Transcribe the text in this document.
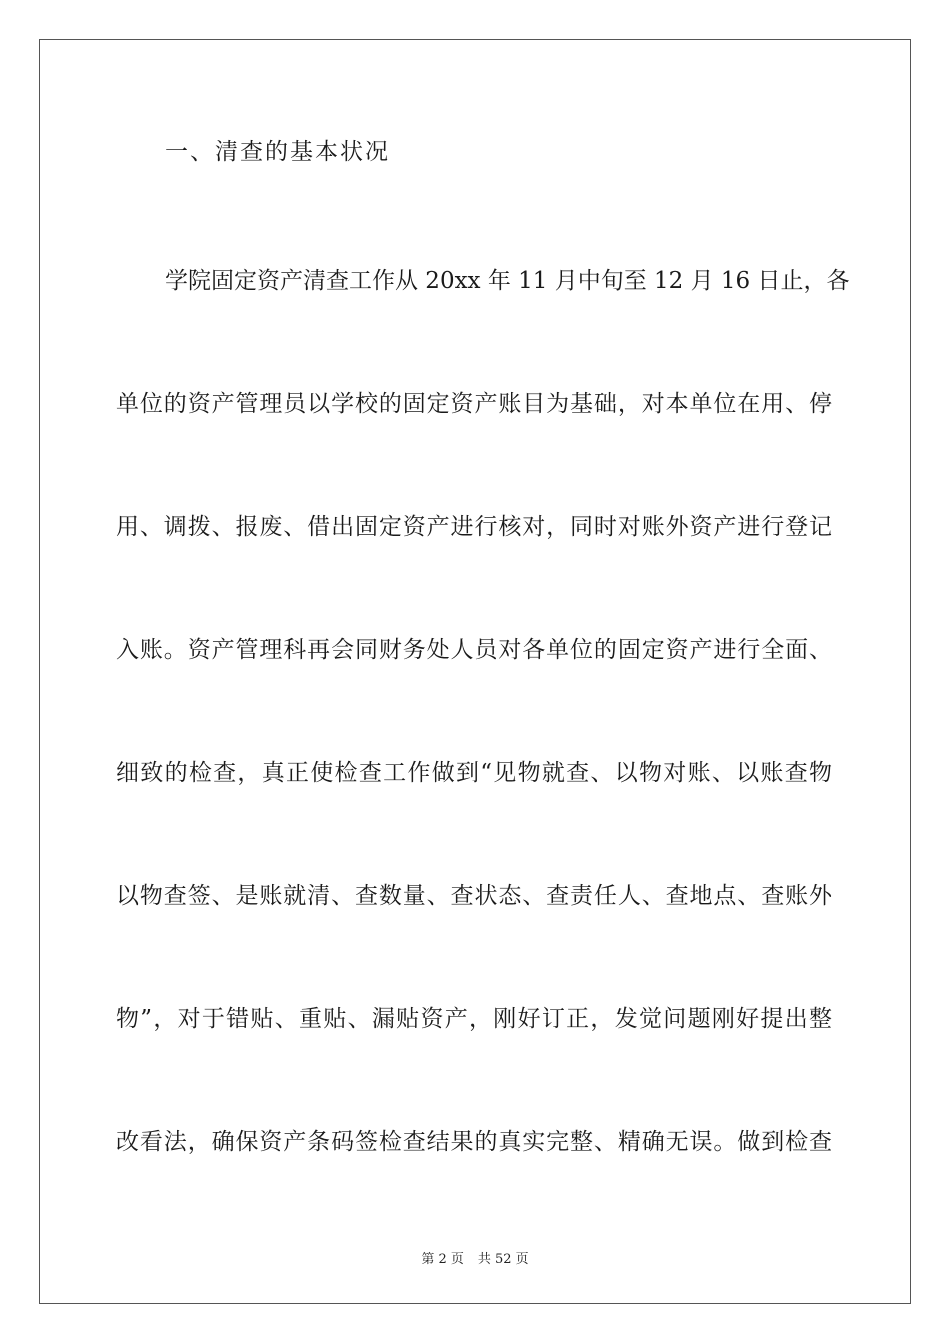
一、清查的基本状况
学院固定资产清查工作从 20xx 年 11 月中旬至 12 月 16 日止，各
单位的资产管理员以学校的固定资产账目为基础，对本单位在用、停
用、调拨、报废、借出固定资产进行核对，同时对账外资产进行登记
入账。资产管理科再会同财务处人员对各单位的固定资产进行全面、
细致的检查，真正使检查工作做到“见物就查、以物对账、以账查物
以物查签、是账就清、查数量、查状态、查责任人、查地点、查账外
物”，对于错贴、重贴、漏贴资产，刚好订正，发觉问题刚好提出整
改看法，确保资产条码签检查结果的真实完整、精确无误。做到检查
第 2 页 共 52 页
